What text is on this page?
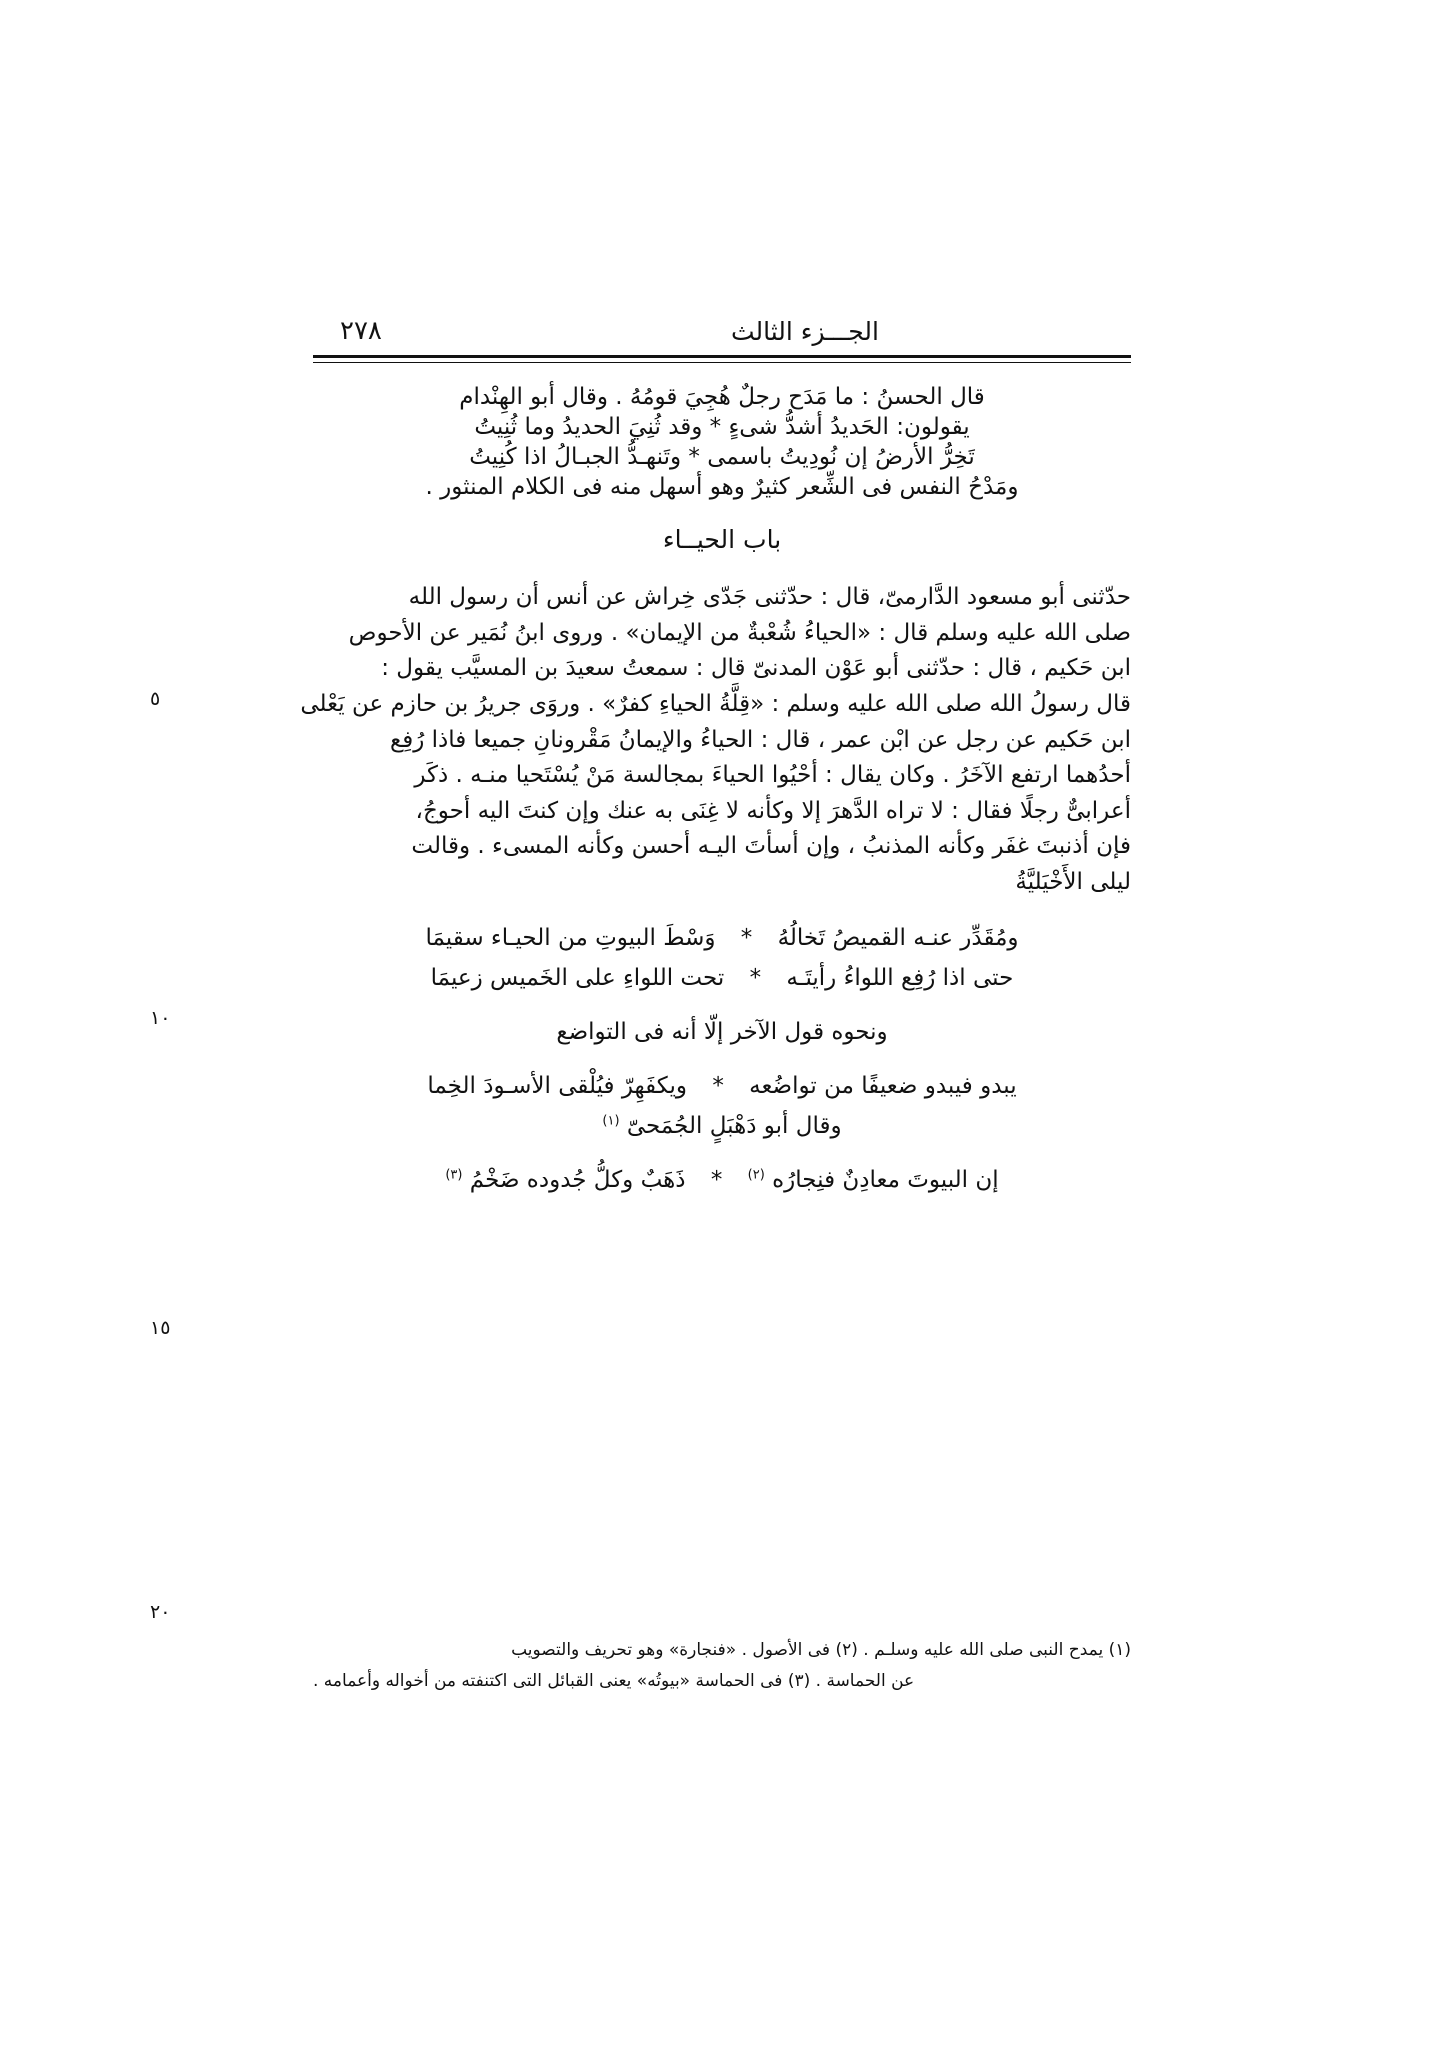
الجـــزء الثالث
٢٧٨
قال الحسنُ : ما مَدَح رجلٌ هُجِيَ قومُهُ . وقال أبو الهِنْدام
يقولون: الحَديدُ أشدُّ شىءٍ * وقد ثُنِيَ الحديدُ وما ثُنِيتُ
تَخِرُّ الأرضُ إن نُودِيتُ باسمى * وتَنهـدُّ الجبـالُ اذا كُنِيتُ
ومَدْحُ النفس فى الشِّعر كثيرٌ وهو أسهل منه فى الكلام المنثور .
باب الحيــاء
حدّثنى أبو مسعود الدَّارمىّ، قال : حدّثنى جَدّى خِراش عن أنس أن رسول الله
صلى الله عليه وسلم قال : «الحياءُ شُعْبةٌ من الإيمان» . وروى ابنُ نُمَير عن الأحوص
ابن حَكيم ، قال : حدّثنى أبو عَوْن المدنىّ قال : سمعتُ سعيدَ بن المسيَّب يقول :
قال رسولُ الله صلى الله عليه وسلم : «قِلَّةُ الحياءِ كفرٌ» . وروَى جريرُ بن حازم عن يَعْلى
ابن حَكيم عن رجل عن ابْن عمر ، قال : الحياءُ والإيمانُ مَقْرونانِ جميعا فاذا رُفِع
أحدُهما ارتفع الآخَرُ . وكان يقال : أحْيُوا الحياءَ بمجالسة مَنْ يُسْتَحيا منـه . ذكَر
أعرابىٌّ رجلًا فقال : لا تراه الدَّهرَ إلا وكأنه لا غِنَى به عنك وإن كنتَ اليه أحوجُ،
فإن أذنبتَ غفَر وكأنه المذنبُ ، وإن أسأتَ اليـه أحسن وكأنه المسىء . وقالت
ليلى الأَخْيَليَّةُ
ومُقَدِّر عنـه القميصُ تَخالُهُ * وَسْطَ البيوتِ من الحيـاء سقيمَا
حتى اذا رُفِع اللواءُ رأيتَـه * تحت اللواءِ على الخَميس زعيمَا
ونحوه قول الآخر إلّا أنه فى التواضع
يبدو فيبدو ضعيفًا من تواضُعه * ويكفَهِرّ فيُلْقى الأسـودَ الخِما
وقال أبو دَهْبَلٍ الجُمَحىّ $^{(١)}$
إن البيوتَ معادِنٌ فنِجارُه $^{(٢)}$ * ذَهَبٌ وكلُّ جُدوده ضَخْمُ $^{(٣)}$
٥
١٠
١٥
٢٠
(١) يمدح النبى صلى الله عليه وسلـم . (٢) فى الأصول . «فنجارة» وهو تحريف والتصويب
عن الحماسة . (٣) فى الحماسة «بيوتُه» يعنى القبائل التى اكتنفته من أخواله وأعمامه .
